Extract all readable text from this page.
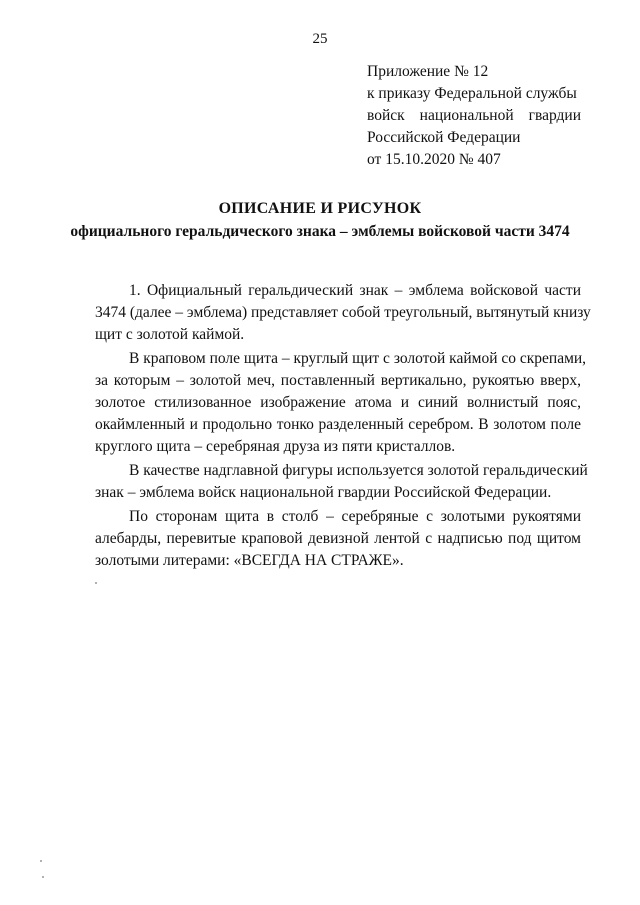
25
Приложение № 12
к приказу Федеральной службы
войск национальной гвардии
Российской Федерации
от 15.10.2020 № 407
ОПИСАНИЕ И РИСУНОК
официального геральдического знака – эмблемы войсковой части 3474
1. Официальный геральдический знак – эмблема войсковой части
3474 (далее – эмблема) представляет собой треугольный, вытянутый книзу
щит с золотой каймой.
В краповом поле щита – круглый щит с золотой каймой со скрепами,
за которым – золотой меч, поставленный вертикально, рукоятью вверх,
золотое стилизованное изображение атома и синий волнистый пояс,
окаймленный и продольно тонко разделенный серебром. В золотом поле
круглого щита – серебряная друза из пяти кристаллов.
В качестве надглавной фигуры используется золотой геральдический
знак – эмблема войск национальной гвардии Российской Федерации.
По сторонам щита в столб – серебряные с золотыми рукоятями
алебарды, перевитые краповой девизной лентой с надписью под щитом
золотыми литерами: «ВСЕГДА НА СТРАЖЕ».
